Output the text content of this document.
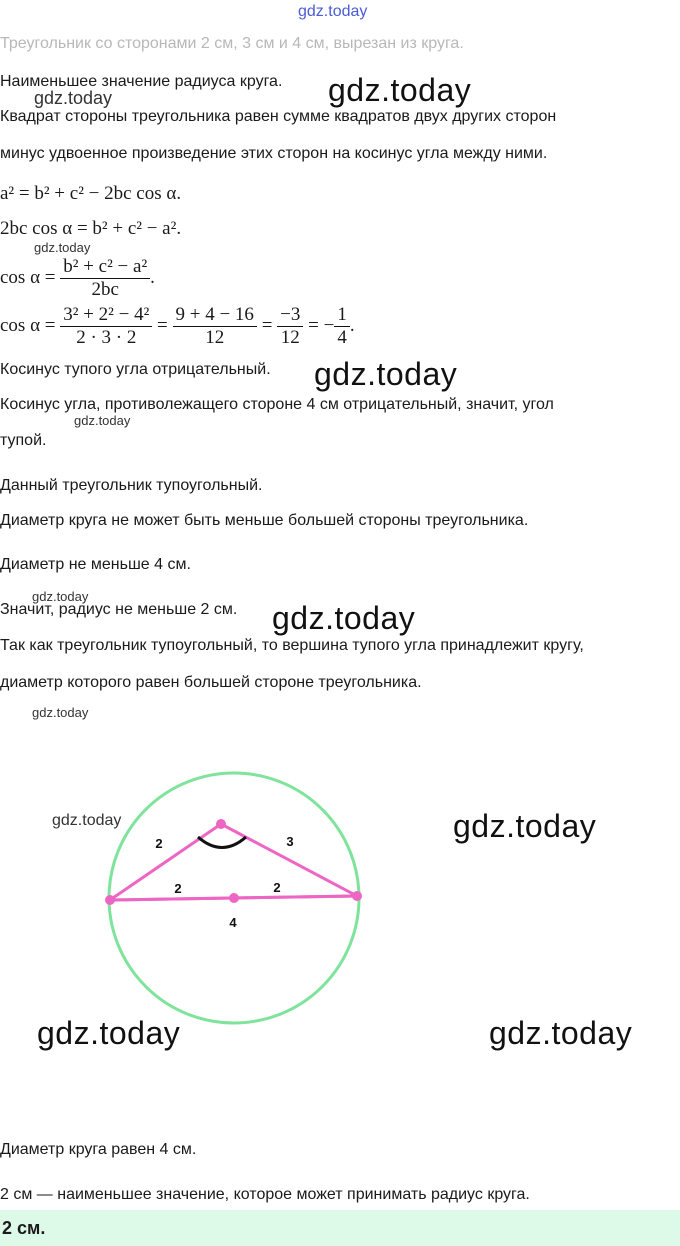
gdz.today
Треугольник со сторонами 2 см, 3 см и 4 см, вырезан из круга.
Наименьшее значение радиуса круга.
gdz.today	gdz.today
Квадрат стороны треугольника равен сумме квадратов двух других сторон
минус удвоенное произведение этих сторон на косинус угла между ними.
a² = b² + c² − 2bc cos α.
2bc cos α = b² + c² − a².
gdz.today
$\cos \alpha = \frac{\text{b² + c² − a²}}{2bc}$ .
$\cos \alpha = \frac{\text{3² + 2² − 4²}}{2 \cdot 3 \cdot 2} = \frac{9 + 4 - 16}{12} = \frac{-3}{12}$ = − $\frac{1}{4}$ .
Косинус тупого угла отрицательный. gdz.today
Косинус угла, противолежащего стороне 4 см отрицательный, значит, угол
gdz.today
тупой.
Данный треугольник тупоугольный.
Диаметр круга не может быть меньше большей стороны треугольника.
Диаметр не меньше 4 см.
gdz.today
Значит, радиус не меньше 2 см. gdz.today
Так как треугольник тупоугольный, то вершина тупого угла принадлежит кругу,
диаметр которого равен большей стороне треугольника.
gdz.today
2	3
2	2
4
gdz.today	gdz.today
gdz.today	gdz.today
Диаметр круга равен 4 см.
2 см — наименьшее значение, которое может принимать радиус круга.
2 см.
